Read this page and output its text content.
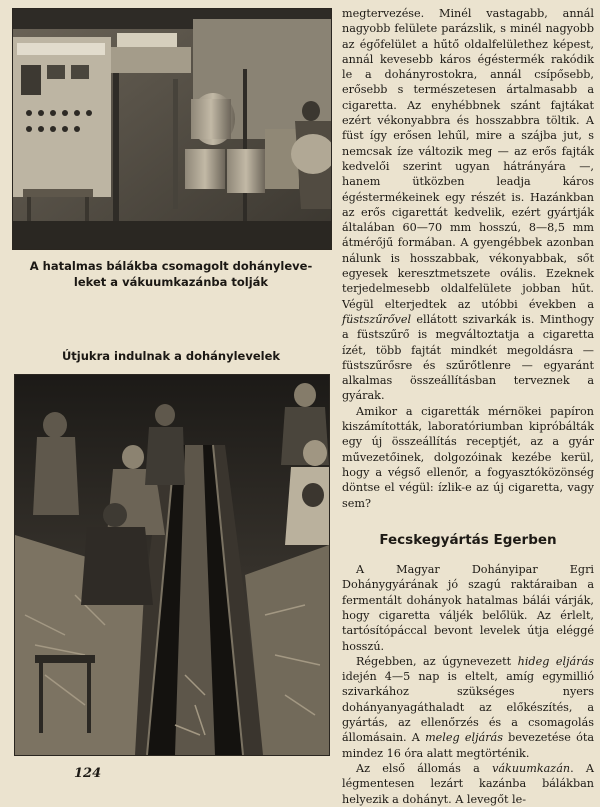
A hatalmas bálákba csomagolt dohányleve-
leket a vákuumkazánba tolják

Útjukra indulnak a dohánylevelek

megtervezése. Minél vastagabb, annál nagyobb felülete parázslik, s minél nagyobb az égőfelület a hűtő oldalfelülethez képest, annál kevesebb káros égéstermék rakódik le a dohányrostokra, annál csípősebb, erősebb s természetesen ártalmasabb a cigaretta. Az enyhébbnek szánt fajtákat ezért vékonyabbra és hosszabbra töltik. A füst így erősen lehűl, mire a szájba jut, s nemcsak íze változik meg — az erős fajták kedvelői szerint ugyan hátrányára —, hanem ütközben leadja káros égéstermékeinek egy részét is. Hazánkban az erős cigarettát kedvelik, ezért gyártják általában 60—70 mm hosszú, 8—8,5 mm átmérőjű formában. A gyengébbek azonban nálunk is hosszabbak, vékonyabbak, sőt egyesek keresztmetszete ovális. Ezeknek terjedelmesebb oldalfelülete jobban hűt. Végül elterjedtek az utóbbi években a füstszűrővel ellátott szivarkák is. Minthogy a füstszűrő is megváltoztatja a cigaretta ízét, több fajtát mindkét megoldásra — füstszűrősre és szűrőtlenre — egyaránt alkalmas összeállításban terveznek a gyárak.

Amikor a cigaretták mérnökei papíron kiszámították, laboratóriumban kipróbálták egy új összeállítás receptjét, az a gyár művezetőinek, dolgozóinak kezébe kerül, hogy a végső ellenőr, a fogyasztóközönség döntse el végül: ízlik-e az új cigaretta, vagy sem?

Fecskegyártás Egerben

A Magyar Dohányipar Egri Dohánygyárának jó szagú raktáraiban a fermentált dohányok hatalmas bálái várják, hogy cigaretta váljék belőlük. Az érlelt, tartósítópáccal bevont levelek útja eléggé hosszú.

Régebben, az úgynevezett hideg eljárás idején 4—5 nap is eltelt, amíg egymillió szivarkához szükséges nyers dohányanyagáthaladt az előkészítés, a gyártás, az ellenőrzés és a csomagolás állomásain. A meleg eljárás bevezetése óta mindez 16 óra alatt megtörténik.

Az első állomás a vákuumkazán. A légmentesen lezárt kazánba bálákban helyezik a dohányt. A levegőt le-

124
